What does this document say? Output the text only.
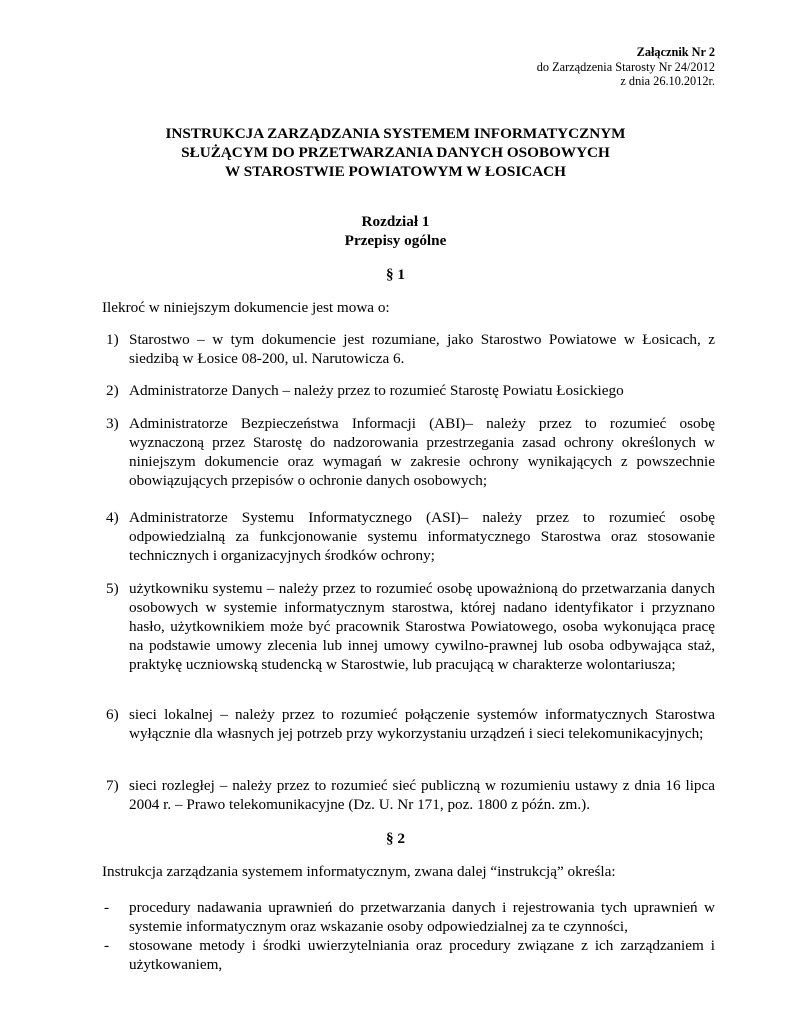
Załącznik Nr 2
do Zarządzenia Starosty Nr 24/2012
z dnia 26.10.2012r.
INSTRUKCJA ZARZĄDZANIA SYSTEMEM INFORMATYCZNYM
SŁUŻĄCYM DO PRZETWARZANIA DANYCH OSOBOWYCH
W STAROSTWIE POWIATOWYM W ŁOSICACH
Rozdział 1
Przepisy ogólne
§ 1
Ilekroć w niniejszym dokumencie jest mowa o:
1) Starostwo – w tym dokumencie jest rozumiane, jako Starostwo Powiatowe w Łosicach, z siedzibą w Łosice 08-200, ul. Narutowicza 6.
2) Administratorze Danych – należy przez to rozumieć Starostę Powiatu Łosickiego
3) Administratorze Bezpieczeństwa Informacji (ABI)– należy przez to rozumieć osobę wyznaczoną przez Starostę do nadzorowania przestrzegania zasad ochrony określonych w niniejszym dokumencie oraz wymagań w zakresie ochrony wynikających z powszechnie obowiązujących przepisów o ochronie danych osobowych;
4) Administratorze Systemu Informatycznego (ASI)– należy przez to rozumieć osobę odpowiedzialną za funkcjonowanie systemu informatycznego Starostwa oraz stosowanie technicznych i organizacyjnych środków ochrony;
5) użytkowniku systemu – należy przez to rozumieć osobę upoważnioną do przetwarzania danych osobowych w systemie informatycznym starostwa, której nadano identyfikator i przyznano hasło, użytkownikiem może być pracownik Starostwa Powiatowego, osoba wykonująca pracę na podstawie umowy zlecenia lub innej umowy cywilno-prawnej lub osoba odbywająca staż, praktykę uczniowską studencką w Starostwie, lub pracującą w charakterze wolontariusza;
6) sieci lokalnej – należy przez to rozumieć połączenie systemów informatycznych Starostwa wyłącznie dla własnych jej potrzeb przy wykorzystaniu urządzeń i sieci telekomunikacyjnych;
7) sieci rozległej – należy przez to rozumieć sieć publiczną w rozumieniu ustawy z dnia 16 lipca 2004 r. – Prawo telekomunikacyjne (Dz. U. Nr 171, poz. 1800 z późn. zm.).
§ 2
Instrukcja zarządzania systemem informatycznym, zwana dalej “instrukcją” określa:
- procedury nadawania uprawnień do przetwarzania danych i rejestrowania tych uprawnień w systemie informatycznym oraz wskazanie osoby odpowiedzialnej za te czynności,
- stosowane metody i środki uwierzytelniania oraz procedury związane z ich zarządzaniem i użytkowaniem,
